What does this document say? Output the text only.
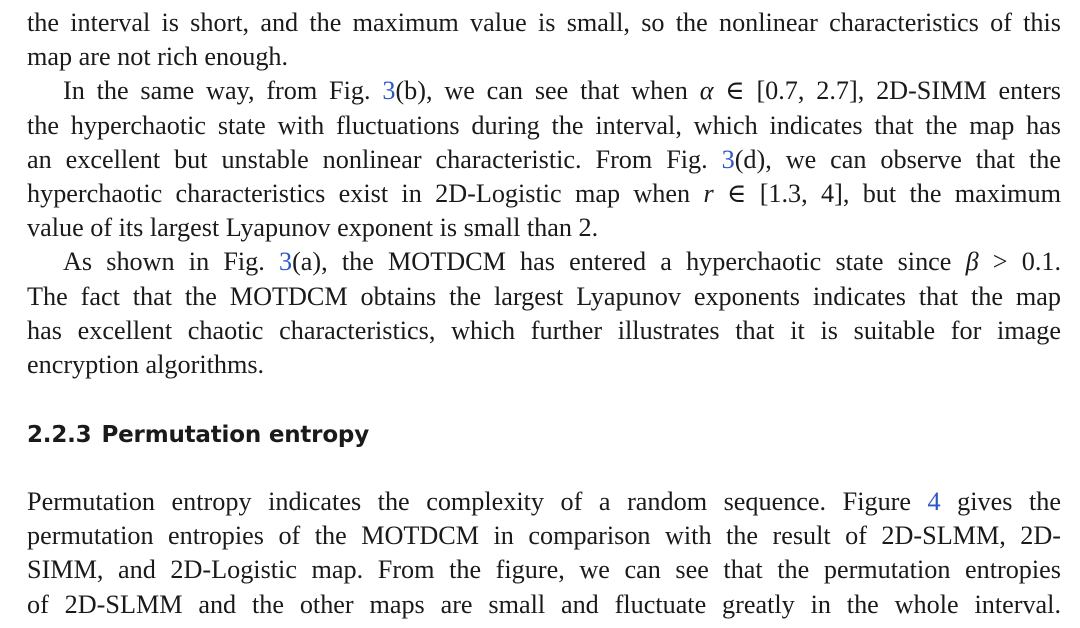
the interval is short, and the maximum value is small, so the nonlinear characteristics of this
map are not rich enough.

In the same way, from Fig. 3(b), we can see that when α ∈ [0.7, 2.7], 2D-SIMM enters
the hyperchaotic state with fluctuations during the interval, which indicates that the map has
an excellent but unstable nonlinear characteristic. From Fig. 3(d), we can observe that the
hyperchaotic characteristics exist in 2D-Logistic map when r ∈ [1.3, 4], but the maximum
value of its largest Lyapunov exponent is small than 2.

As shown in Fig. 3(a), the MOTDCM has entered a hyperchaotic state since β > 0.1.
The fact that the MOTDCM obtains the largest Lyapunov exponents indicates that the map
has excellent chaotic characteristics, which further illustrates that it is suitable for image
encryption algorithms.

2.2.3 Permutation entropy

Permutation entropy indicates the complexity of a random sequence. Figure 4 gives the
permutation entropies of the MOTDCM in comparison with the result of 2D-SLMM, 2D-
SIMM, and 2D-Logistic map. From the figure, we can see that the permutation entropies
of 2D-SLMM and the other maps are small and fluctuate greatly in the whole interval.
